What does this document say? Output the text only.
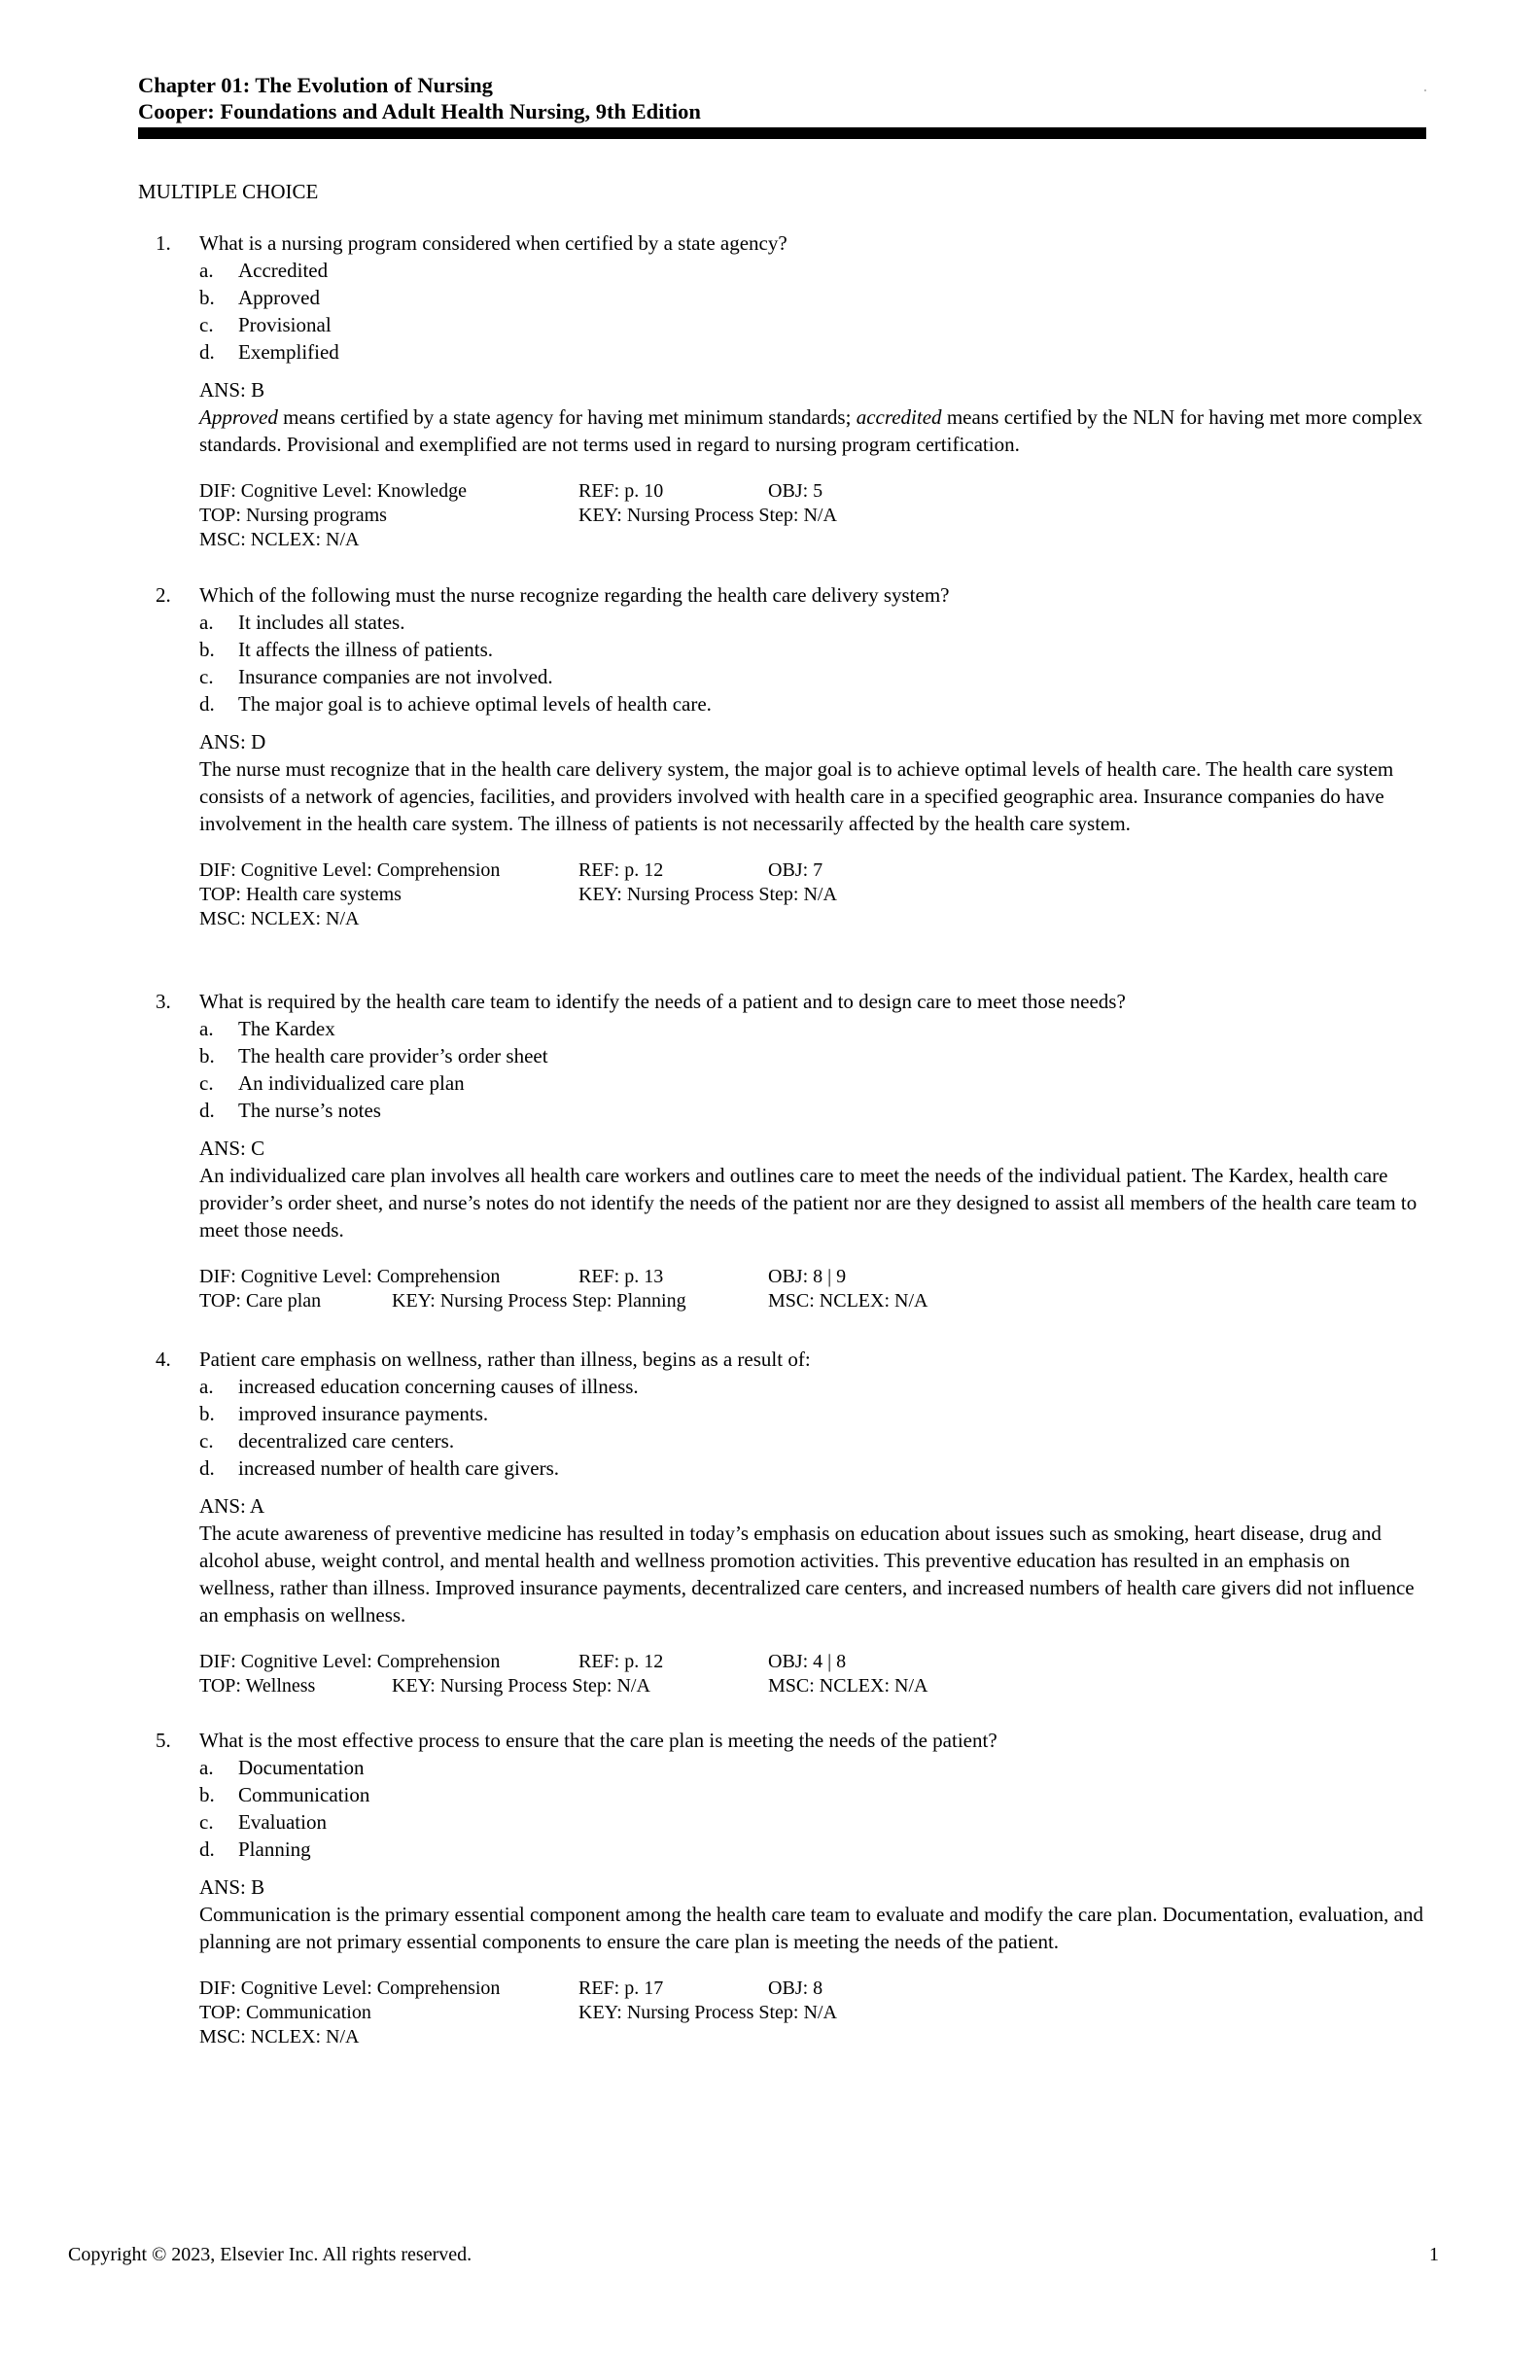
Chapter 01: The Evolution of Nursing
Cooper: Foundations and Adult Health Nursing, 9th Edition
MULTIPLE CHOICE
1.	What is a nursing program considered when certified by a state agency?
a.	Accredited
b.	Approved
c.	Provisional
d.	Exemplified
ANS: B
Approved means certified by a state agency for having met minimum standards; accredited means certified by the NLN for having met more complex standards. Provisional and exemplified are not terms used in regard to nursing program certification.
DIF: Cognitive Level: Knowledge	REF: p. 10	OBJ: 5
TOP: Nursing programs	KEY: Nursing Process Step: N/A
MSC: NCLEX: N/A
2.	Which of the following must the nurse recognize regarding the health care delivery system?
a.	It includes all states.
b.	It affects the illness of patients.
c.	Insurance companies are not involved.
d.	The major goal is to achieve optimal levels of health care.
ANS: D
The nurse must recognize that in the health care delivery system, the major goal is to achieve optimal levels of health care. The health care system consists of a network of agencies, facilities, and providers involved with health care in a specified geographic area. Insurance companies do have involvement in the health care system. The illness of patients is not necessarily affected by the health care system.
DIF: Cognitive Level: Comprehension	REF: p. 12	OBJ: 7
TOP: Health care systems	KEY: Nursing Process Step: N/A
MSC: NCLEX: N/A
3.	What is required by the health care team to identify the needs of a patient and to design care to meet those needs?
a.	The Kardex
b.	The health care provider’s order sheet
c.	An individualized care plan
d.	The nurse’s notes
ANS: C
An individualized care plan involves all health care workers and outlines care to meet the needs of the individual patient. The Kardex, health care provider’s order sheet, and nurse’s notes do not identify the needs of the patient nor are they designed to assist all members of the health care team to meet those needs.
DIF: Cognitive Level: Comprehension	REF: p. 13	OBJ: 8 | 9
TOP: Care plan	KEY: Nursing Process Step: Planning	MSC: NCLEX: N/A
4.	Patient care emphasis on wellness, rather than illness, begins as a result of:
a.	increased education concerning causes of illness.
b.	improved insurance payments.
c.	decentralized care centers.
d.	increased number of health care givers.
ANS: A
The acute awareness of preventive medicine has resulted in today’s emphasis on education about issues such as smoking, heart disease, drug and alcohol abuse, weight control, and mental health and wellness promotion activities. This preventive education has resulted in an emphasis on wellness, rather than illness. Improved insurance payments, decentralized care centers, and increased numbers of health care givers did not influence an emphasis on wellness.
DIF: Cognitive Level: Comprehension	REF: p. 12	OBJ: 4 | 8
TOP: Wellness	KEY: Nursing Process Step: N/A	MSC: NCLEX: N/A
5.	What is the most effective process to ensure that the care plan is meeting the needs of the patient?
a.	Documentation
b.	Communication
c.	Evaluation
d.	Planning
ANS: B
Communication is the primary essential component among the health care team to evaluate and modify the care plan. Documentation, evaluation, and planning are not primary essential components to ensure the care plan is meeting the needs of the patient.
DIF: Cognitive Level: Comprehension	REF: p. 17	OBJ: 8
TOP: Communication	KEY: Nursing Process Step: N/A
MSC: NCLEX: N/A
Copyright © 2023, Elsevier Inc. All rights reserved.	1
